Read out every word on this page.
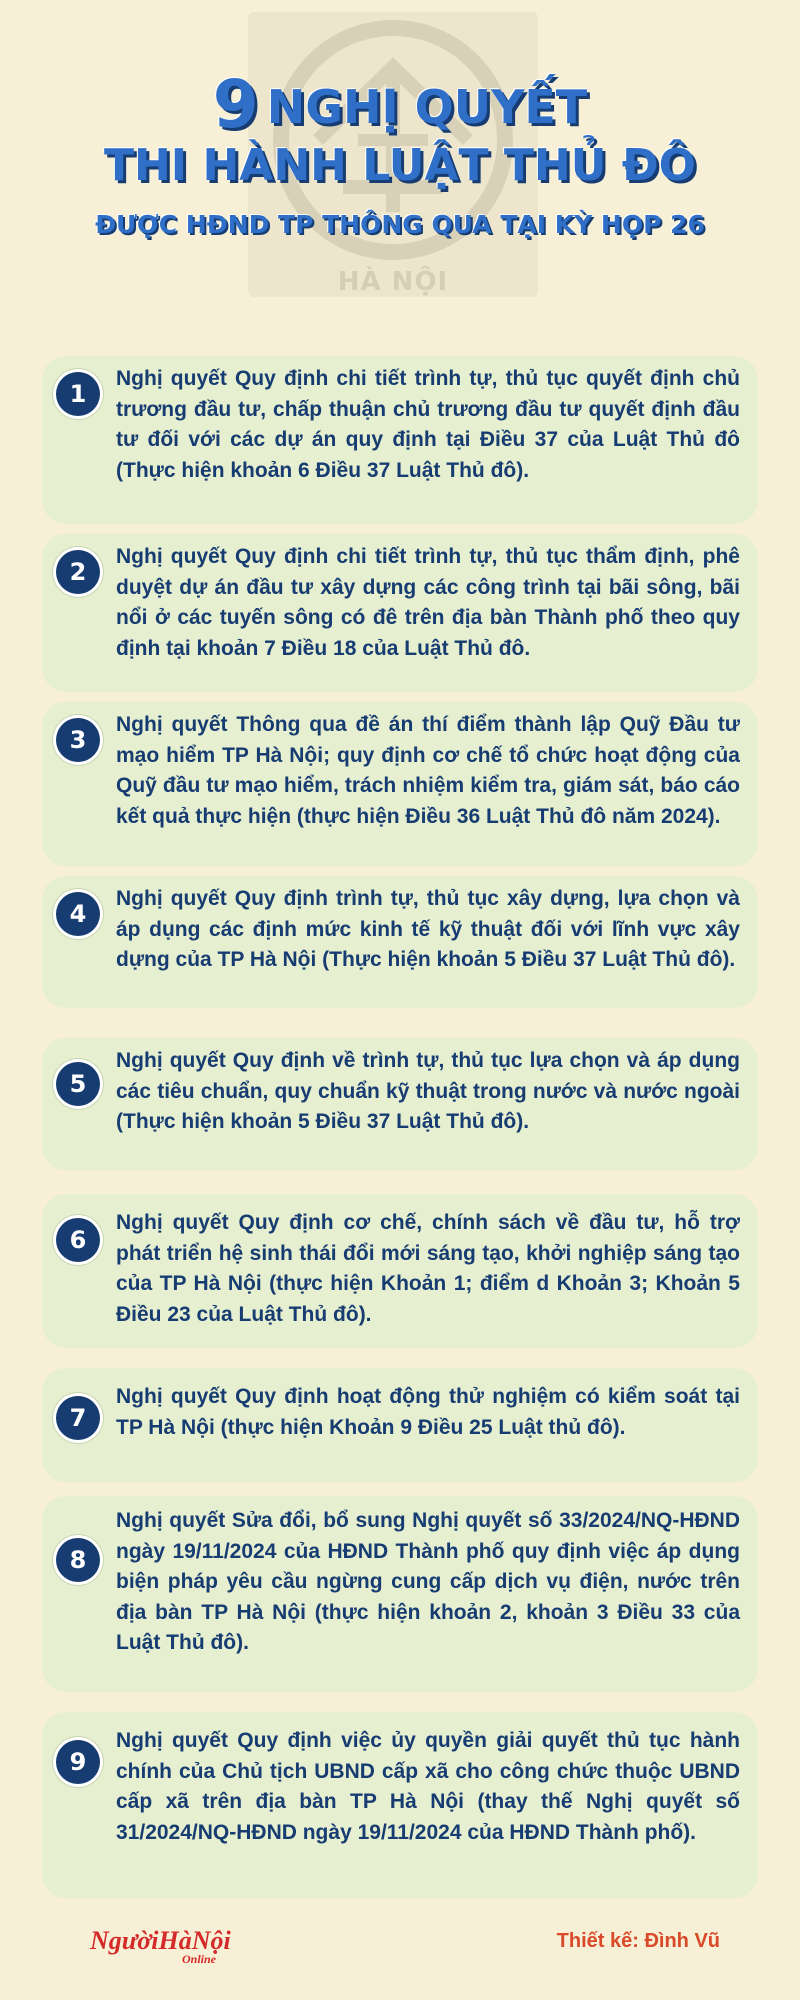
HÀ NỘI
9 NGHỊ QUYẾT
THI HÀNH LUẬT THỦ ĐÔ
ĐƯỢC HĐND TP THÔNG QUA TẠI KỲ HỌP 26
1
Nghị quyết Quy định chi tiết trình tự, thủ tục quyết định chủ trương đầu tư, chấp thuận chủ trương đầu tư quyết định đầu tư đối với các dự án quy định tại Điều 37 của Luật Thủ đô (Thực hiện khoản 6 Điều 37 Luật Thủ đô).
2
Nghị quyết Quy định chi tiết trình tự, thủ tục thẩm định, phê duyệt dự án đầu tư xây dựng các công trình tại bãi sông, bãi nổi ở các tuyến sông có đê trên địa bàn Thành phố theo quy định tại khoản 7 Điều 18 của Luật Thủ đô.
3
Nghị quyết Thông qua đề án thí điểm thành lập Quỹ Đầu tư mạo hiểm TP Hà Nội; quy định cơ chế tổ chức hoạt động của Quỹ đầu tư mạo hiểm, trách nhiệm kiểm tra, giám sát, báo cáo kết quả thực hiện (thực hiện Điều 36 Luật Thủ đô năm 2024).
4
Nghị quyết Quy định trình tự, thủ tục xây dựng, lựa chọn và áp dụng các định mức kinh tế kỹ thuật đối với lĩnh vực xây dựng của TP Hà Nội (Thực hiện khoản 5 Điều 37 Luật Thủ đô).
5
Nghị quyết Quy định về trình tự, thủ tục lựa chọn và áp dụng các tiêu chuẩn, quy chuẩn kỹ thuật trong nước và nước ngoài (Thực hiện khoản 5 Điều 37 Luật Thủ đô).
6
Nghị quyết Quy định cơ chế, chính sách về đầu tư, hỗ trợ phát triển hệ sinh thái đổi mới sáng tạo, khởi nghiệp sáng tạo của TP Hà Nội (thực hiện Khoản 1; điểm d Khoản 3; Khoản 5 Điều 23 của Luật Thủ đô).
7
Nghị quyết Quy định hoạt động thử nghiệm có kiểm soát tại TP Hà Nội (thực hiện Khoản 9 Điều 25 Luật thủ đô).
8
Nghị quyết Sửa đổi, bổ sung Nghị quyết số 33/2024/NQ-HĐND ngày 19/11/2024 của HĐND Thành phố quy định việc áp dụng biện pháp yêu cầu ngừng cung cấp dịch vụ điện, nước trên địa bàn TP Hà Nội (thực hiện khoản 2, khoản 3 Điều 33 của Luật Thủ đô).
9
Nghị quyết Quy định việc ủy quyền giải quyết thủ tục hành chính của Chủ tịch UBND cấp xã cho công chức thuộc UBND cấp xã trên địa bàn TP Hà Nội (thay thế Nghị quyết số 31/2024/NQ-HĐND ngày 19/11/2024 của HĐND Thành phố).
NgườiHàNội
Online
Thiết kế: Đình Vũ
